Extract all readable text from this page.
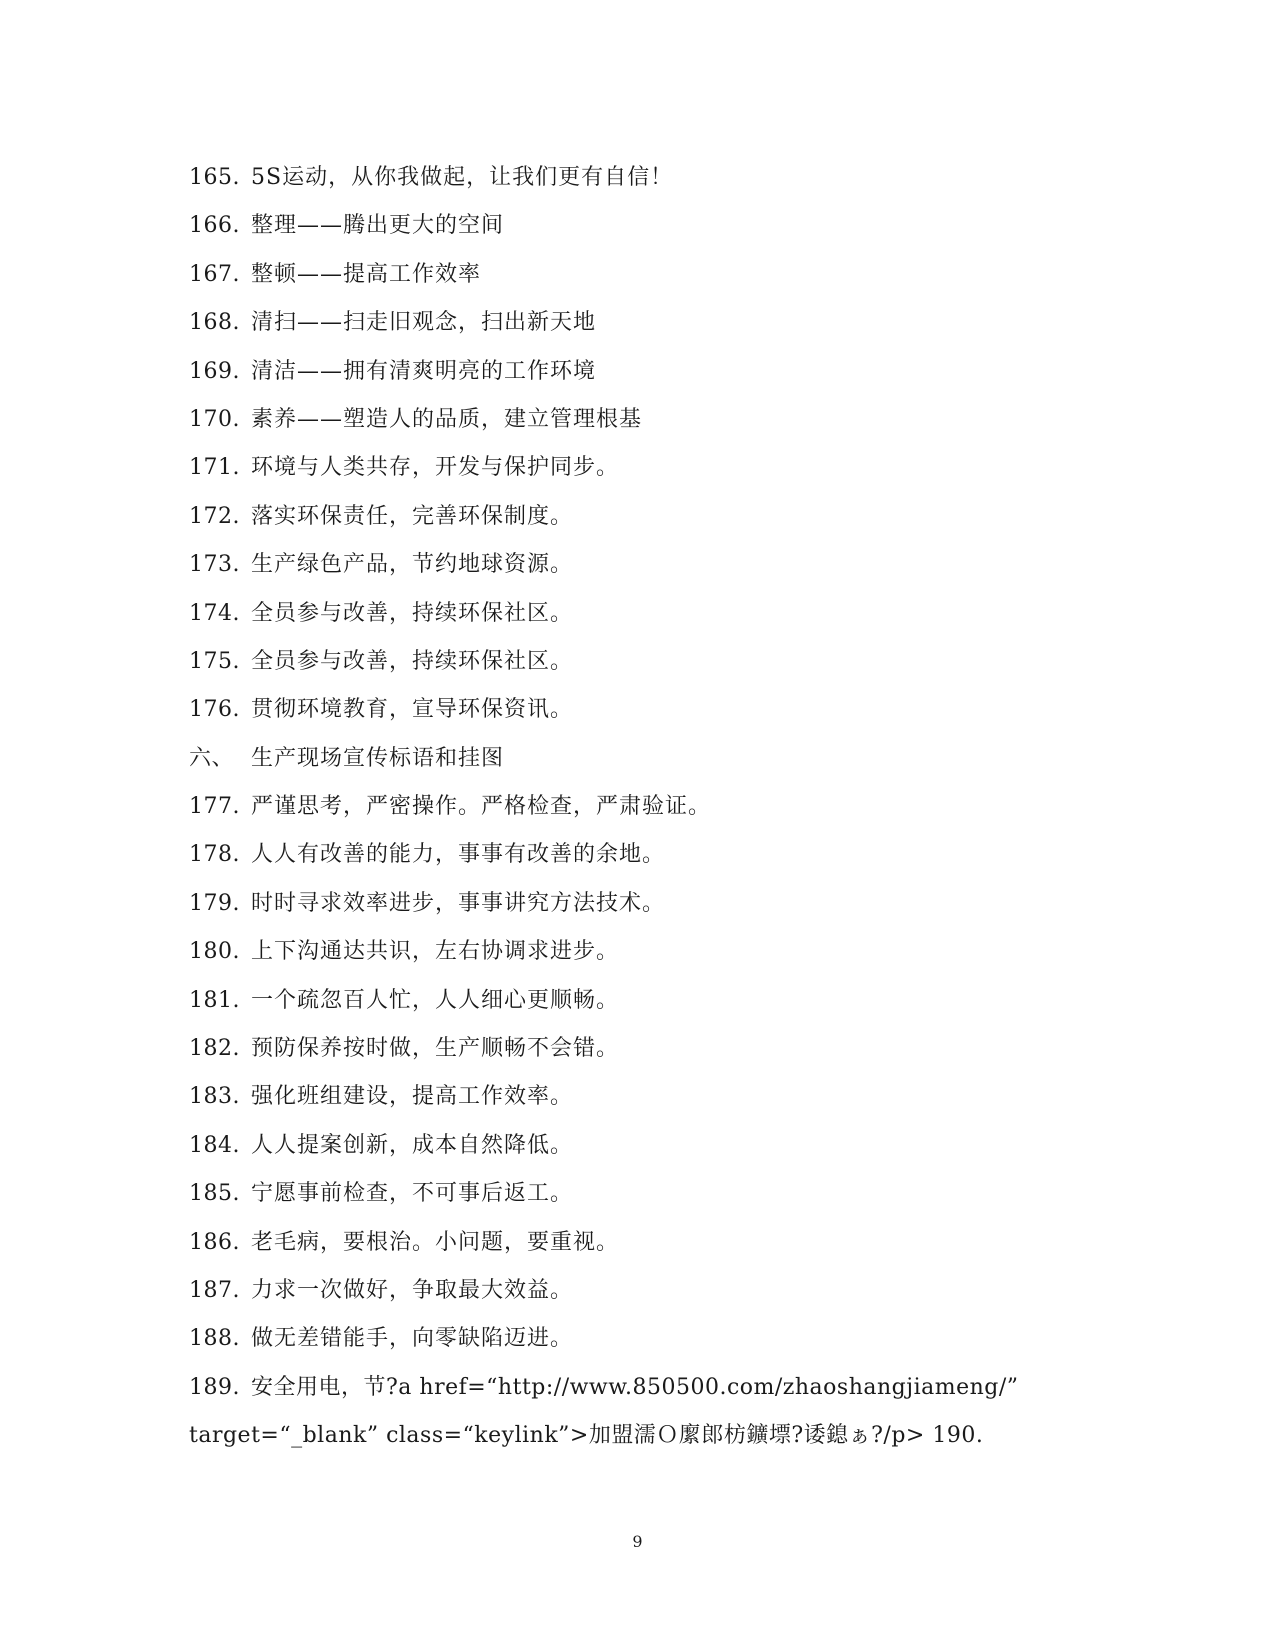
165. 5S运动，从你我做起，让我们更有自信！
166. 整理——腾出更大的空间
167. 整顿——提高工作效率
168. 清扫——扫走旧观念，扫出新天地
169. 清洁——拥有清爽明亮的工作环境
170. 素养——塑造人的品质，建立管理根基
171. 环境与人类共存，开发与保护同步。
172. 落实环保责任，完善环保制度。
173. 生产绿色产品，节约地球资源。
174. 全员参与改善，持续环保社区。
175. 全员参与改善，持续环保社区。
176. 贯彻环境教育，宣导环保资讯。
六、 生产现场宣传标语和挂图
177. 严谨思考，严密操作。严格检查，严肃验证。
178. 人人有改善的能力，事事有改善的余地。
179. 时时寻求效率进步，事事讲究方法技术。
180. 上下沟通达共识，左右协调求进步。
181. 一个疏忽百人忙，人人细心更顺畅。
182. 预防保养按时做，生产顺畅不会错。
183. 强化班组建设，提高工作效率。
184. 人人提案创新，成本自然降低。
185. 宁愿事前检查，不可事后返工。
186. 老毛病，要根治。小问题，要重视。
187. 力求一次做好，争取最大效益。
188. 做无差错能手，向零缺陷迈进。
189. 安全用电，节?a href=“http://www.850500.com/zhaoshangjiameng/”
target=“_blank” class=“keylink”>加盟濡Ｏ緳郎枋鑛墂?诿鎴ぁ?/p> 190.
9
